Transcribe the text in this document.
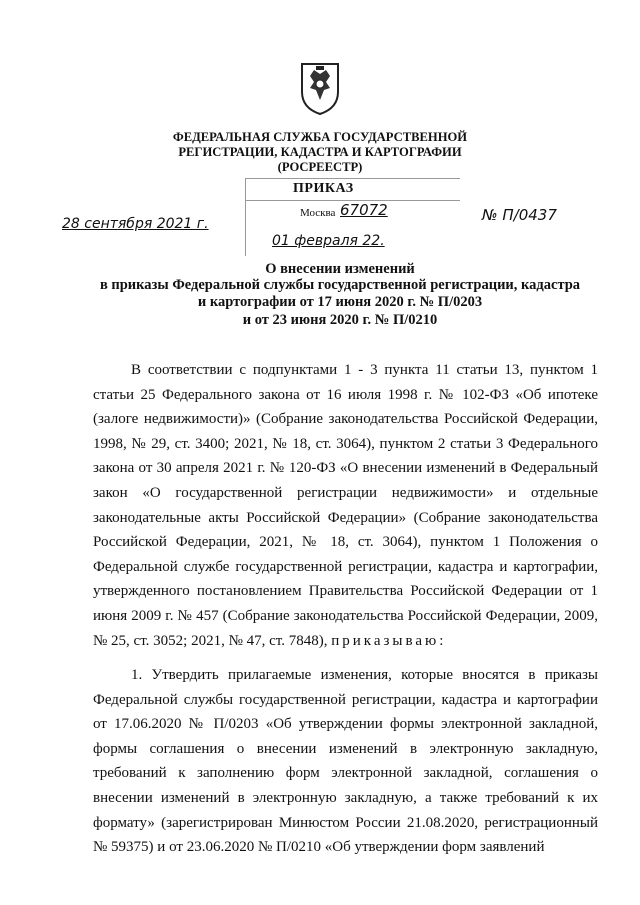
ФЕДЕРАЛЬНАЯ СЛУЖБА ГОСУДАРСТВЕННОЙ
РЕГИСТРАЦИИ, КАДАСТРА И КАРТОГРАФИИ
(РОСРЕЕСТР)
ПРИКАЗ
Москва
28 сентября 2021 г.
67072	№ П/0437
01 февраля 22.
О внесении изменений
в приказы Федеральной службы государственной регистрации, кадастра
и картографии от 17 июня 2020 г. № П/0203
и от 23 июня 2020 г. № П/0210
В соответствии с подпунктами 1 - 3 пункта 11 статьи 13, пунктом 1 статьи 25 Федерального закона от 16 июля 1998 г. № 102-ФЗ «Об ипотеке (залоге недвижимости)» (Собрание законодательства Российской Федерации, 1998, № 29, ст. 3400; 2021, № 18, ст. 3064), пунктом 2 статьи 3 Федерального закона от 30 апреля 2021 г. № 120-ФЗ «О внесении изменений в Федеральный закон «О государственной регистрации недвижимости» и отдельные законодательные акты Российской Федерации» (Собрание законодательства Российской Федерации, 2021, № 18, ст. 3064), пунктом 1 Положения о Федеральной службе государственной регистрации, кадастра и картографии, утвержденного постановлением Правительства Российской Федерации от 1 июня 2009 г. № 457 (Собрание законодательства Российской Федерации, 2009, № 25, ст. 3052; 2021, № 47, ст. 7848), приказываю:
1. Утвердить прилагаемые изменения, которые вносятся в приказы Федеральной службы государственной регистрации, кадастра и картографии от 17.06.2020 № П/0203 «Об утверждении формы электронной закладной, формы соглашения о внесении изменений в электронную закладную, требований к заполнению форм электронной закладной, соглашения о внесении изменений в электронную закладную, а также требований к их формату» (зарегистрирован Минюстом России 21.08.2020, регистрационный № 59375) и от 23.06.2020 № П/0210 «Об утверждении форм заявлений
